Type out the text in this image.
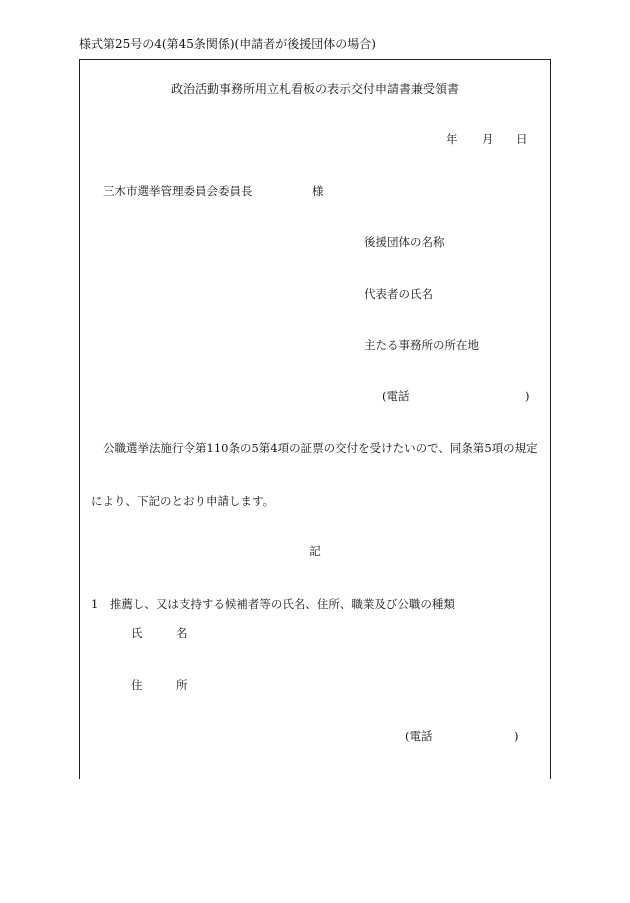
様式第25号の4(第45条関係)(申請者が後援団体の場合)
政治活動事務所用立札看板の表示交付申請書兼受領書
年 月 日
三木市選挙管理委員会委員長	様
後援団体の名称
代表者の氏名
主たる事務所の所在地
(電話	)
公職選挙法施行令第110条の5第4項の証票の交付を受けたいので、同条第5項の規定
により、下記のとおり申請します。
記
1　推薦し、又は支持する候補者等の氏名、住所、職業及び公職の種類
氏	名
住	所
(電話	)
